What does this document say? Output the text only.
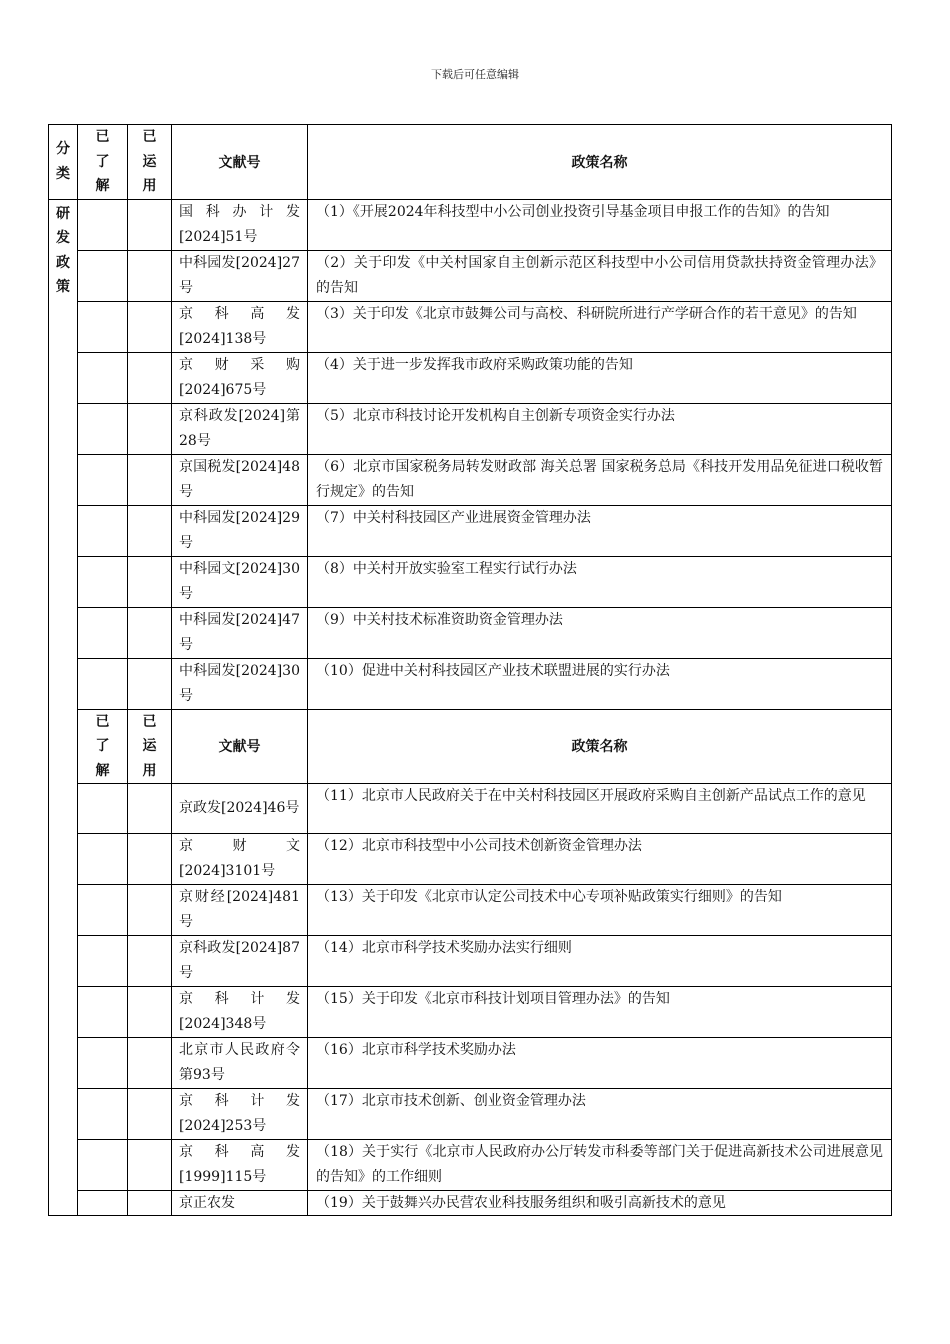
下载后可任意编辑
分
类	已
了
解	已
运
用	文献号	政策名称

研
发
政
策			国科办计发[2024]51号	（1）《开展2024年科技型中小公司创业投资引导基金项目申报工作的告知》的告知

			中科园发[2024]27号	（2）关于印发《中关村国家自主创新示范区科技型中小公司信用贷款扶持资金管理办法》的告知

			京科高发[2024]138号	（3）关于印发《北京市鼓舞公司与高校、科研院所进行产学研合作的若干意见》的告知

			京财采购[2024]675号	（4）关于进一步发挥我市政府采购政策功能的告知

			京科政发[2024]第28号	（5）北京市科技讨论开发机构自主创新专项资金实行办法

			京国税发[2024]48号	（6）北京市国家税务局转发财政部 海关总署 国家税务总局《科技开发用品免征进口税收暂行规定》的告知

			中科园发[2024]29号	（7）中关村科技园区产业进展资金管理办法

			中科园文[2024]30号	（8）中关村开放实验室工程实行试行办法

			中科园发[2024]47号	（9）中关村技术标准资助资金管理办法

			中科园发[2024]30号	（10）促进中关村科技园区产业技术联盟进展的实行办法

	已
了
解	已
运
用	文献号	政策名称

			京政发[2024]46号	（11）北京市人民政府关于在中关村科技园区开展政府采购自主创新产品试点工作的意见

			京财文[2024]3101号	（12）北京市科技型中小公司技术创新资金管理办法

			京财经[2024]481号	（13）关于印发《北京市认定公司技术中心专项补贴政策实行细则》的告知

			京科政发[2024]87号	（14）北京市科学技术奖励办法实行细则

			京科计发[2024]348号	（15）关于印发《北京市科技计划项目管理办法》的告知

			北京市人民政府令第93号	（16）北京市科学技术奖励办法

			京科计发[2024]253号	（17）北京市技术创新、创业资金管理办法

			京科高发[1999]115号	（18）关于实行《北京市人民政府办公厅转发市科委等部门关于促进高新技术公司进展意见的告知》的工作细则

			京正农发	（19）关于鼓舞兴办民营农业科技服务组织和吸引高新技术的意见
